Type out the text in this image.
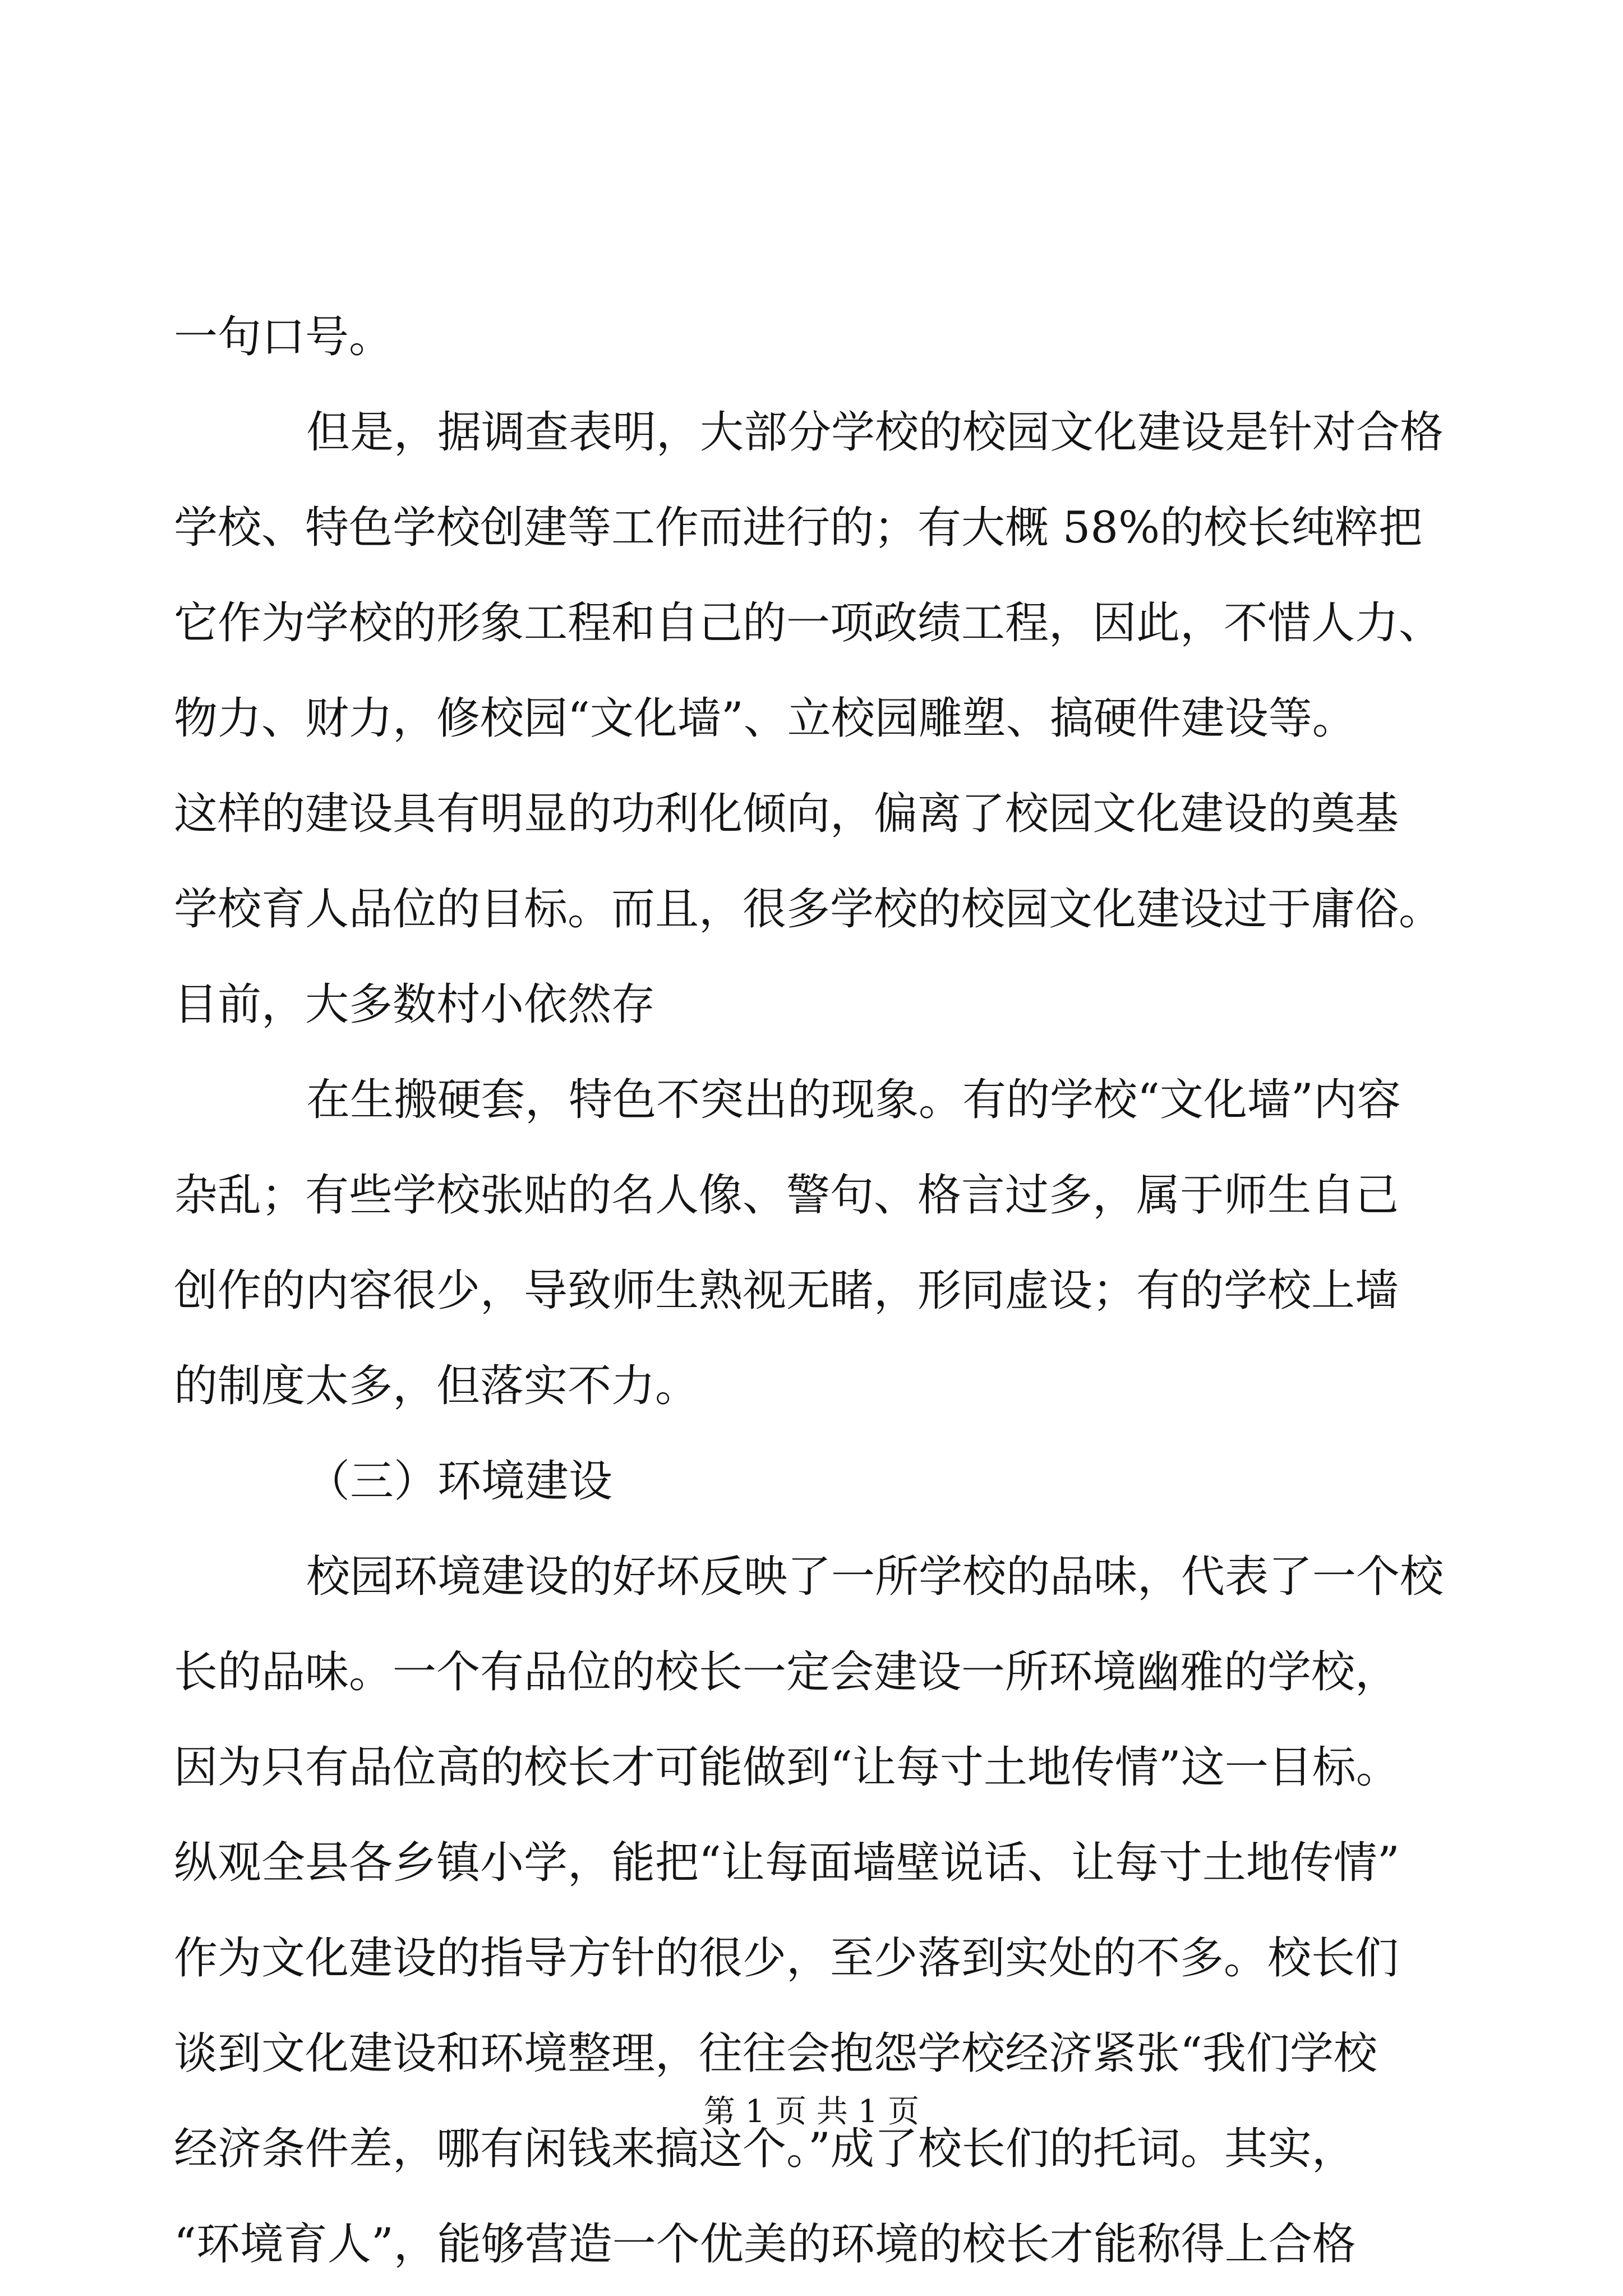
一句口号。
但是，据调查表明，大部分学校的校园文化建设是针对合格
学校、特色学校创建等工作而进行的；有大概 58%的校长纯粹把
它作为学校的形象工程和自己的一项政绩工程，因此，不惜人力、
物力、财力，修校园“文化墙”、立校园雕塑、搞硬件建设等。
这样的建设具有明显的功利化倾向，偏离了校园文化建设的奠基
学校育人品位的目标。而且，很多学校的校园文化建设过于庸俗。
目前，大多数村小依然存
在生搬硬套，特色不突出的现象。有的学校“文化墙”内容
杂乱；有些学校张贴的名人像、警句、格言过多，属于师生自己
创作的内容很少，导致师生熟视无睹，形同虚设；有的学校上墙
的制度太多，但落实不力。
（三）环境建设
校园环境建设的好坏反映了一所学校的品味，代表了一个校
长的品味。一个有品位的校长一定会建设一所环境幽雅的学校，
因为只有品位高的校长才可能做到“让每寸土地传情”这一目标。
纵观全县各乡镇小学，能把“让每面墙壁说话、让每寸土地传情”
作为文化建设的指导方针的很少，至少落到实处的不多。校长们
谈到文化建设和环境整理，往往会抱怨学校经济紧张“我们学校
经济条件差，哪有闲钱来搞这个。”成了校长们的托词。其实，
“环境育人”，能够营造一个优美的环境的校长才能称得上合格
第 1 页 共 1 页
